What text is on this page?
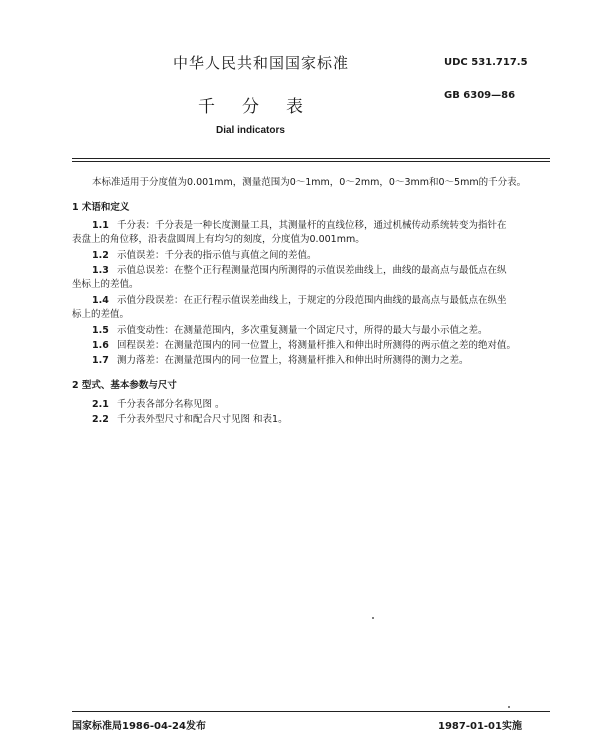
中华人民共和国国家标准	UDC 531.717.5
千分表
GB 6309—86
Dial indicators
本标准适用于分度值为0.001mm，测量范围为0～1mm，0～2mm，0～3mm和0～5mm的千分表。
1 术语和定义
1.1 千分表：千分表是一种长度测量工具，其测量杆的直线位移，通过机械传动系统转变为指针在
表盘上的角位移，沿表盘圆周上有均匀的刻度，分度值为0.001mm。
1.2 示值误差：千分表的指示值与真值之间的差值。
1.3 示值总误差：在整个正行程测量范围内所测得的示值误差曲线上，曲线的最高点与最低点在纵
坐标上的差值。
1.4 示值分段误差：在正行程示值误差曲线上，于规定的分段范围内曲线的最高点与最低点在纵坐
标上的差值。
1.5 示值变动性：在测量范围内，多次重复测量一个固定尺寸，所得的最大与最小示值之差。
1.6 回程误差：在测量范围内的同一位置上，将测量杆推入和伸出时所测得的两示值之差的绝对值。
1.7 测力落差：在测量范围内的同一位置上，将测量杆推入和伸出时所测得的测力之差。
2 型式、基本参数与尺寸
2.1 千分表各部分名称见图 。
2.2 千分表外型尺寸和配合尺寸见图 和表1。
国家标准局1986-04-24发布	1987-01-01实施
